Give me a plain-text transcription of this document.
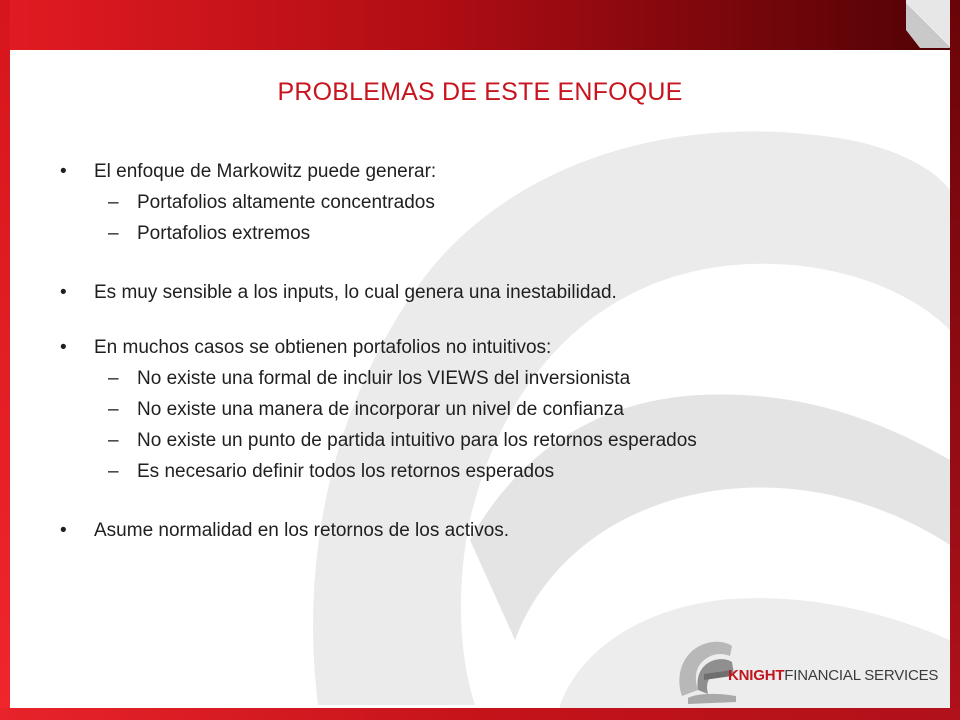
PROBLEMAS DE ESTE ENFOQUE
• El enfoque de Markowitz puede generar:
– Portafolios altamente concentrados
– Portafolios extremos
• Es muy sensible a los inputs, lo cual genera una inestabilidad.
• En muchos casos se obtienen portafolios no intuitivos:
– No existe una formal de incluir los VIEWS del inversionista
– No existe una manera de incorporar un nivel de confianza
– No existe un punto de partida intuitivo para los retornos esperados
– Es necesario definir todos los retornos esperados
• Asume normalidad en los retornos de los activos.
KNIGHTFINANCIAL SERVICES
